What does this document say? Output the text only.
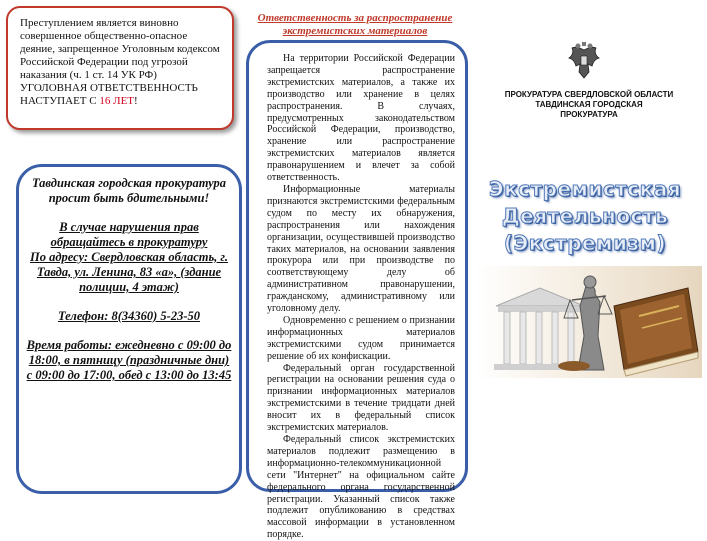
Преступлением является виновно совершенное общественно-опасное деяние, запрещенное Уголовным кодексом Российской Федерации под угрозой наказания (ч. 1 ст. 14 УК РФ) УГОЛОВНАЯ ОТВЕТСТВЕННОСТЬ НАСТУПАЕТ С 16 ЛЕТ!

Тавдинская городская прокуратура просит быть бдительными!

В случае нарушения прав обращайтесь в прокуратуру

По адресу: Свердловская область, г. Тавда, ул. Ленина, 83 «а», (здание полиции, 4 этаж)

Телефон: 8(34360) 5-23-50

Время работы: ежедневно с 09:00 до 18:00, в пятницу (праздничные дни) с 09:00 до 17:00, обед с 13:00 до 13:45

Ответственность за распространение экстремистских материалов

На территории Российской Федерации запрещается распространение экстремистских материалов, а также их производство или хранение в целях распространения. В случаях, предусмотренных законодательством Российской Федерации, производство, хранение или распространение экстремистских материалов является правонарушением и влечет за собой ответственность.

Информационные материалы признаются экстремистскими федеральным судом по месту их обнаружения, распространения или нахождения организации, осуществившей производство таких материалов, на основании заявления прокурора или при производстве по соответствующему делу об административном правонарушении, гражданскому, административному или уголовному делу.

Одновременно с решением о признании информационных материалов экстремистскими судом принимается решение об их конфискации.

Федеральный орган государственной регистрации на основании решения суда о признании информационных материалов экстремистскими в течение тридцати дней вносит их в федеральный список экстремистских материалов.

Федеральный список экстремистских материалов подлежит размещению в информационно-телекоммуникационной сети "Интернет" на официальном сайте федерального органа государственной регистрации. Указанный список также подлежит опубликованию в средствах массовой информации в установленном порядке.

ПРОКУРАТУРА СВЕРДЛОВСКОЙ ОБЛАСТИ
ТАВДИНСКАЯ ГОРОДСКАЯ
ПРОКУРАТУРА
Экстремистская
Деятельность
(Экстремизм)
